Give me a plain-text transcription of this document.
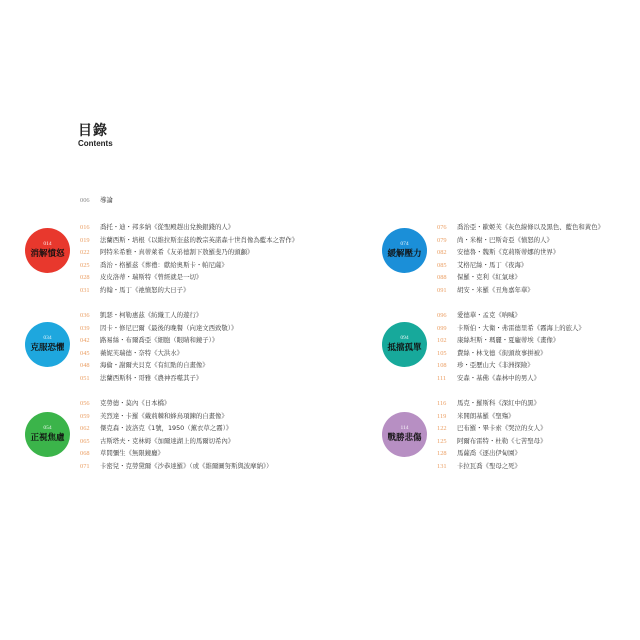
目錄
Contents
006 導論
014
消解憤怒
016 喬托・迪・邦多納《從聖殿趕出兌換銀錢的人》
019 法蘭西斯・培根《以維拉斯奎茲的教宗英諾森十世肖像為藍本之習作》
022 阿特米希雅・真蒂萊希《友弟德割下敖羅斐乃的頭顱》
025 喬治・格羅茲《葬禮：獻給奧斯卡・帕尼薩》
028 皮皮洛蒂・瑞斯特《曾經就是一切》
031 約翰・馬丁《祂憤怒的大日子》
034
克服恐懼
036 凱瑟・柯勒惠茲《紡織工人的遊行》
039 因卡・修尼巴爾《最後的晚餐（向達文西致敬）》
042 路易絲・布爾喬亞《細胞（眼睛和鏡子）》
045 薇妮芙瑞德・奈特《大洪水》
048 海倫・謝爾夫貝克《有紅點的自畫像》
051 法蘭西斯科・哥雅《農神吞噬其子》
054
正視焦慮
056 克勞德・莫內《日本橋》
059 芙烈達・卡羅《戴荊棘和蜂鳥項鍊的自畫像》
062 傑克森・波洛克《1號，1950（薰衣草之霧）》
065 古斯塔夫・克林姆《加爾達湖上的馬爾切希內》
068 草間彌生《無限鏡廳》
071 卡密兒・克勞黛爾《沙恭達羅》（或《維爾圖努斯與波摩納》）
074
緩解壓力
076 喬治亞・歐姬芙《灰色線條以及黑色、藍色和黃色》
079 尚・米榭・巴斯奇亞《憤怒的人》
082 安德魯・魏斯《克莉斯蒂娜的世界》
085 艾格尼絲・馬丁《夜海》
088 保羅・克利《紅氣球》
091 胡安・米羅《丑角嘉年華》
094
抵擋孤單
096 愛德華・孟克《吶喊》
099 卡斯伯・大衛・弗雷德里希《霧海上的旅人》
102 康絲坦斯・瑪麗・夏龐蒂埃《畫像》
105 費絲・林戈德《街頭故事拼被》
108 珍・亞歷山大《非洲探險》
111 安森・基佛《森林中的男人》
114
戰勝悲傷
116 馬克・羅斯科《深紅中的黑》
119 米開朗基羅《聖殤》
122 巴布羅・畢卡索《哭泣的女人》
125 阿爾布雷特・杜勒《七苦聖母》
128 馬薩喬《逐出伊甸園》
131 卡拉瓦喬《聖母之死》
